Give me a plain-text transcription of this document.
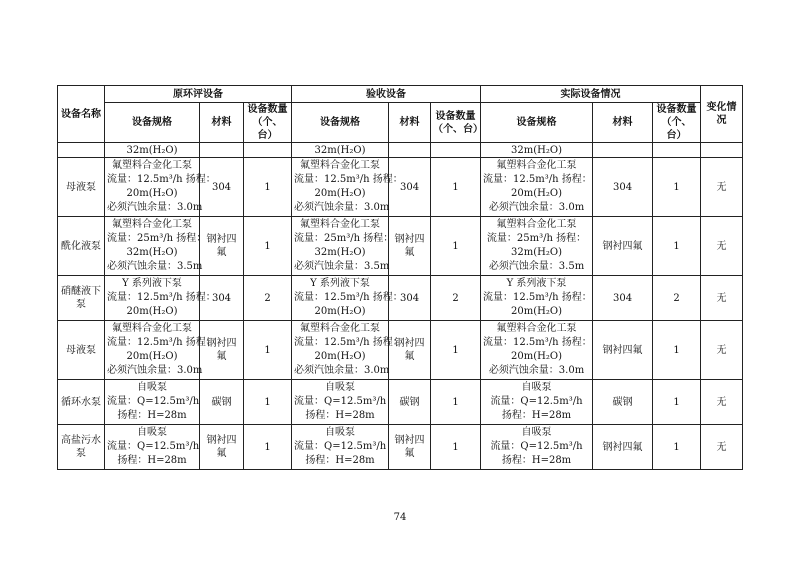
设备名称	原环评设备			验收设备			实际设备情况			变化情况
	设备规格	材料	设备数量（个、台）	设备规格	材料	设备数量（个、台）	设备规格	材料	设备数量（个、台）	
	32m(H₂O)			32m(H₂O)			32m(H₂O)			
母液泵	氟塑料合金化工泵
流量：12.5m³/h 扬程：
20m(H₂O)
必须汽蚀余量：3.0m	304	1	氟塑料合金化工泵
流量：12.5m³/h 扬程：
20m(H₂O)
必须汽蚀余量：3.0m	304	1	氟塑料合金化工泵
流量：12.5m³/h 扬程：
20m(H₂O)
必须汽蚀余量：3.0m	304	1	无
酰化液泵	氟塑料合金化工泵
流量：25m³/h 扬程：
32m(H₂O)
必须汽蚀余量：3.5m	钢衬四氟	1	氟塑料合金化工泵
流量：25m³/h 扬程：
32m(H₂O)
必须汽蚀余量：3.5m	钢衬四氟	1	氟塑料合金化工泵
流量：25m³/h 扬程：
32m(H₂O)
必须汽蚀余量：3.5m	钢衬四氟	1	无
硝醚液下泵	Y 系列液下泵
流量：12.5m³/h 扬程：
20m(H₂O)	304	2	Y 系列液下泵
流量：12.5m³/h 扬程：
20m(H₂O)	304	2	Y 系列液下泵
流量：12.5m³/h 扬程：
20m(H₂O)	304	2	无
母液泵	氟塑料合金化工泵
流量：12.5m³/h 扬程：
20m(H₂O)
必须汽蚀余量：3.0m	钢衬四氟	1	氟塑料合金化工泵
流量：12.5m³/h 扬程：
20m(H₂O)
必须汽蚀余量：3.0m	钢衬四氟	1	氟塑料合金化工泵
流量：12.5m³/h 扬程：
20m(H₂O)
必须汽蚀余量：3.0m	钢衬四氟	1	无
循环水泵	自吸泵
流量：Q=12.5m³/h
扬程：H=28m	碳钢	1	自吸泵
流量：Q=12.5m³/h
扬程：H=28m	碳钢	1	自吸泵
流量：Q=12.5m³/h
扬程：H=28m	碳钢	1	无
高盐污水泵	自吸泵
流量：Q=12.5m³/h
扬程：H=28m	钢衬四氟	1	自吸泵
流量：Q=12.5m³/h
扬程：H=28m	钢衬四氟	1	自吸泵
流量：Q=12.5m³/h
扬程：H=28m	钢衬四氟	1	无
74
